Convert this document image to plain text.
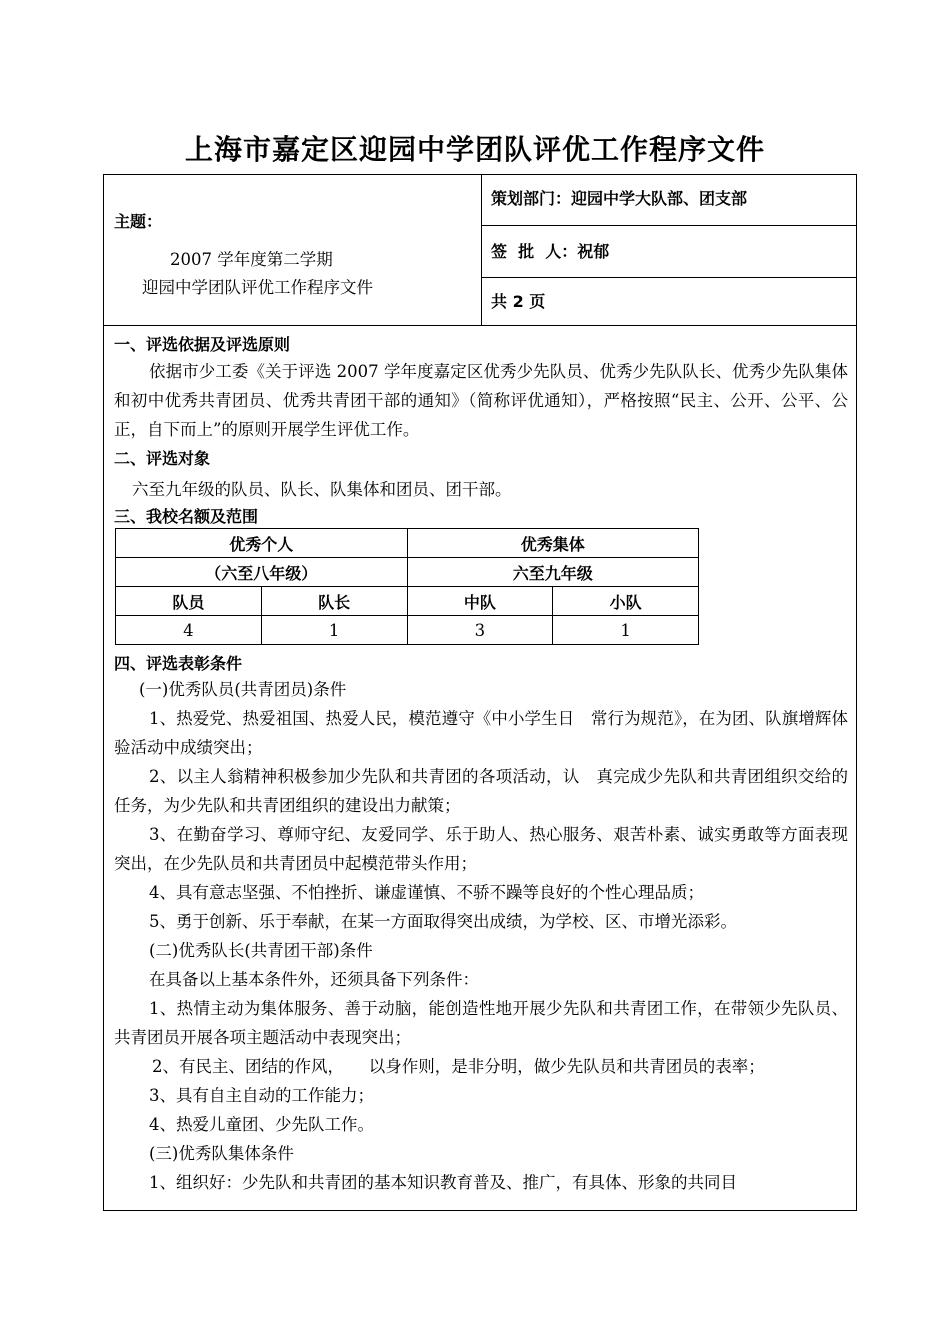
上海市嘉定区迎园中学团队评优工作程序文件
主题：
2007 学年度第二学期
迎园中学团队评优工作程序文件
策划部门：迎园中学大队部、团支部
签  批  人：祝郁
共 2 页
一、评选依据及评选原则

依据市少工委《关于评选 2007 学年度嘉定区优秀少先队员、优秀少先队队长、优秀少先队集体和初中优秀共青团员、优秀共青团干部的通知》（简称评优通知），严格按照“民主、公开、公平、公正，自下而上”的原则开展学生评优工作。

二、评选对象
六至九年级的队员、队长、队集体和团员、团干部。
三、我校名额及范围
优秀个人		优秀集体	
（六至八年级）		六至九年级	
队员	队长	中队	小队
4	1	3	1
四、评选表彰条件

(一)优秀队员(共青团员)条件

1、热爱党、热爱祖国、热爱人民，模范遵守《中小学生日　常行为规范》，在为团、队旗增辉体验活动中成绩突出；

2、以主人翁精神积极参加少先队和共青团的各项活动，认　真完成少先队和共青团组织交给的任务，为少先队和共青团组织的建设出力献策；

3、在勤奋学习、尊师守纪、友爱同学、乐于助人、热心服务、艰苦朴素、诚实勇敢等方面表现突出，在少先队员和共青团员中起模范带头作用；

4、具有意志坚强、不怕挫折、谦虚谨慎、不骄不躁等良好的个性心理品质；

5、勇于创新、乐于奉献，在某一方面取得突出成绩，为学校、区、市增光添彩。

(二)优秀队长(共青团干部)条件

在具备以上基本条件外，还须具备下列条件：

1、热情主动为集体服务、善于动脑，能创造性地开展少先队和共青团工作，在带领少先队员、共青团员开展各项主题活动中表现突出；

2、有民主、团结的作风，　　以身作则，是非分明，做少先队员和共青团员的表率；

3、具有自主自动的工作能力；

4、热爱儿童团、少先队工作。

(三)优秀队集体条件

1、组织好：少先队和共青团的基本知识教育普及、推广，有具体、形象的共同目
